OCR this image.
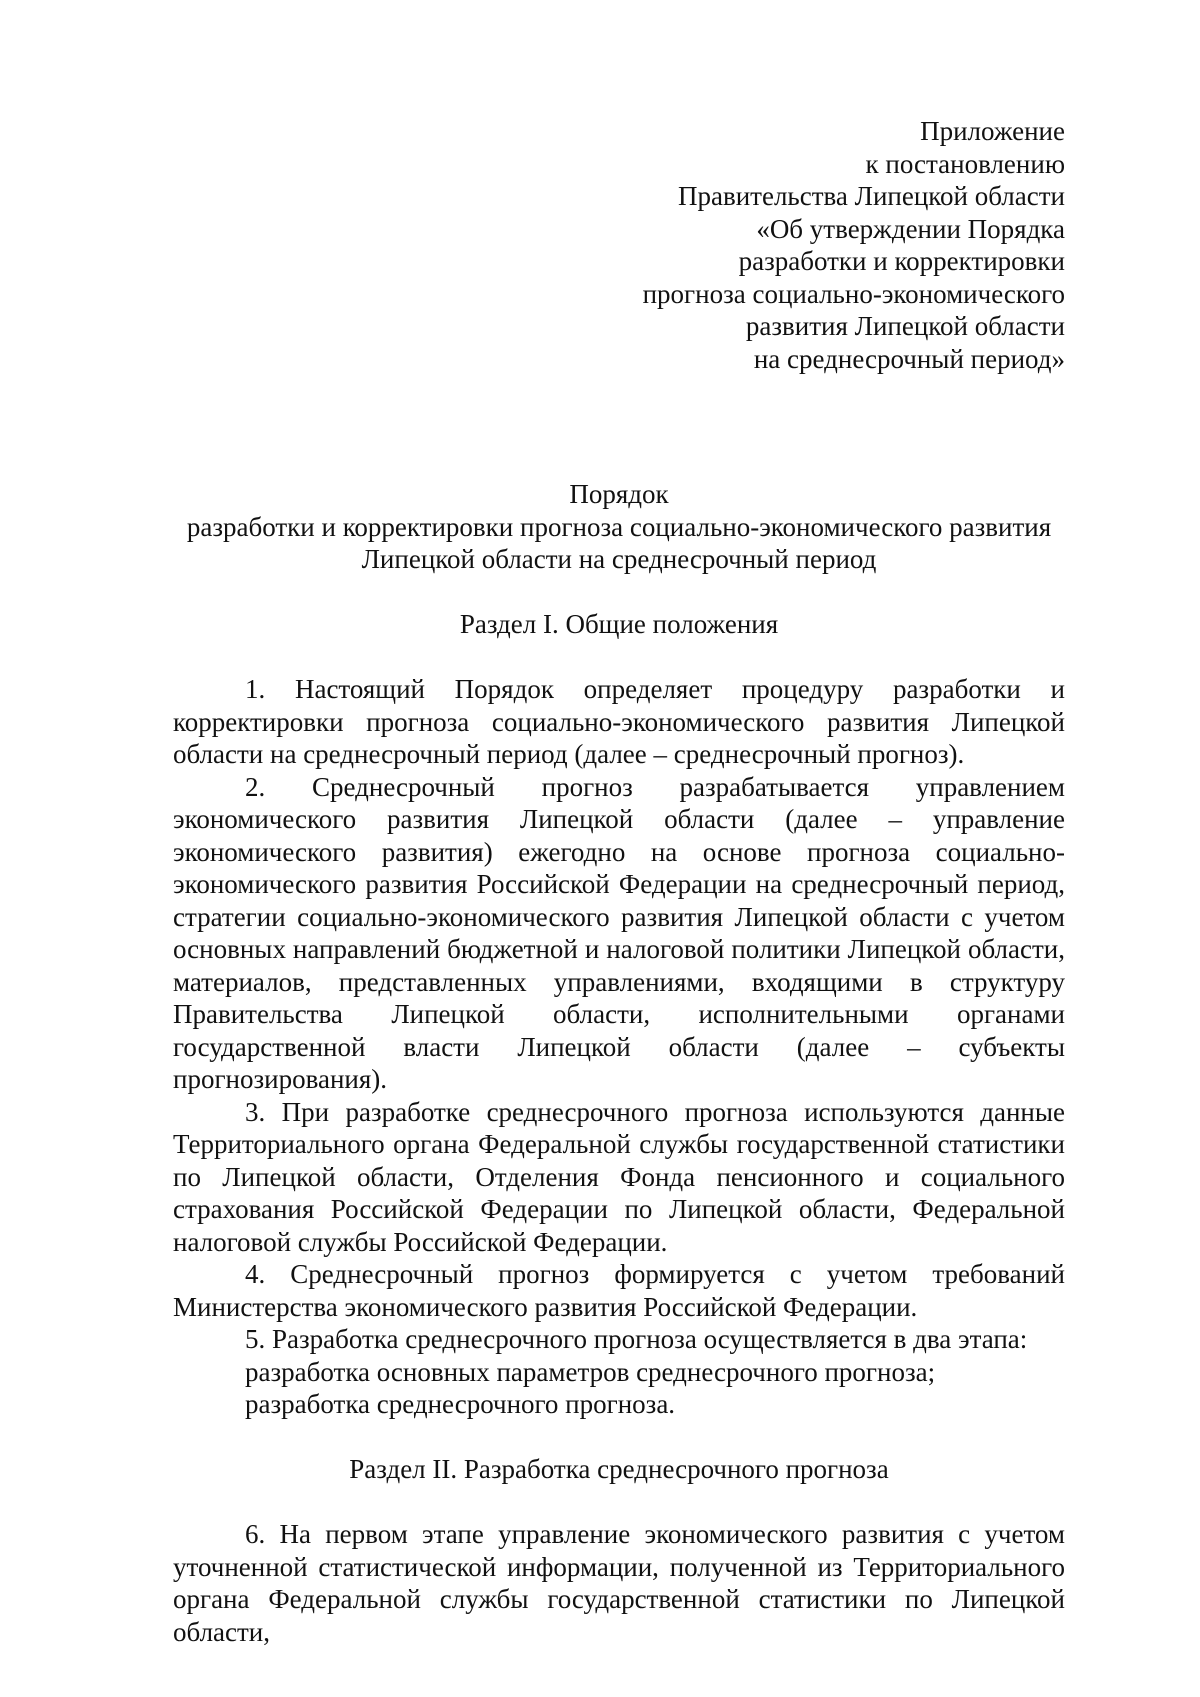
Приложение
к постановлению
Правительства Липецкой области
«Об утверждении Порядка
разработки и корректировки
прогноза социально-экономического
развития Липецкой области
на среднесрочный период»
Порядок
разработки и корректировки прогноза социально-экономического развития
Липецкой области на среднесрочный период

Раздел I. Общие положения

1. Настоящий Порядок определяет процедуру разработки и корректировки прогноза социально-экономического развития Липецкой области на среднесрочный период (далее – среднесрочный прогноз).

2. Среднесрочный прогноз разрабатывается управлением экономического развития Липецкой области (далее – управление экономического развития) ежегодно на основе прогноза социально-экономического развития Российской Федерации на среднесрочный период, стратегии социально-экономического развития Липецкой области с учетом основных направлений бюджетной и налоговой политики Липецкой области, материалов, представленных управлениями, входящими в структуру Правительства Липецкой области, исполнительными органами государственной власти Липецкой области (далее – субъекты прогнозирования).

3. При разработке среднесрочного прогноза используются данные Территориального органа Федеральной службы государственной статистики по Липецкой области, Отделения Фонда пенсионного и социального страхования Российской Федерации по Липецкой области, Федеральной налоговой службы Российской Федерации.

4. Среднесрочный прогноз формируется с учетом требований Министерства экономического развития Российской Федерации.

5. Разработка среднесрочного прогноза осуществляется в два этапа:

разработка основных параметров среднесрочного прогноза;

разработка среднесрочного прогноза.

Раздел II. Разработка среднесрочного прогноза

6. На первом этапе управление экономического развития с учетом уточненной статистической информации, полученной из Территориального органа Федеральной службы государственной статистики по Липецкой области,
